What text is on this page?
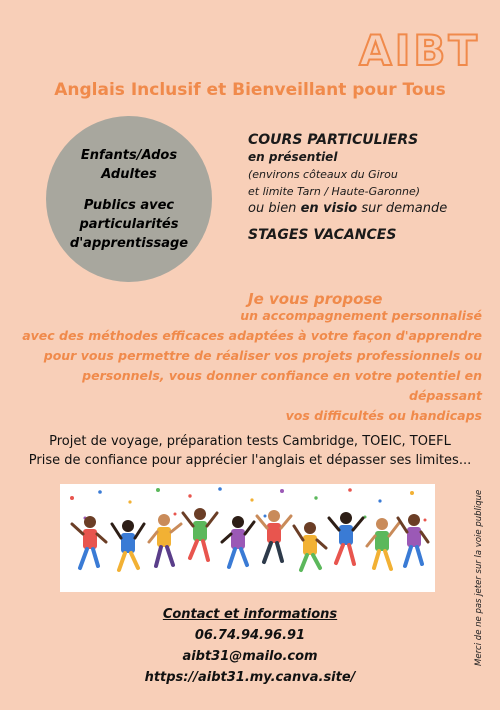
AIBT
Anglais Inclusif et Bienveillant pour Tous
Enfants/Ados
Adultes
Publics avec
particularités
d'apprentissage
COURS PARTICULIERS
en présentiel
(environs côteaux du Girou
et limite Tarn / Haute-Garonne)
ou bien en visio sur demande
STAGES VACANCES
Je vous propose
un accompagnement personnalisé
avec des méthodes efficaces adaptées à votre façon d'apprendre
pour vous permettre de réaliser vos projets professionnels ou
personnels, vous donner confiance en votre potentiel en dépassant
vos difficultés ou handicaps
Projet de voyage, préparation tests Cambridge, TOEIC, TOEFL
Prise de confiance pour apprécier l'anglais et dépasser ses limites...
Merci de ne pas jeter sur la voie publique
Contact et informations
06.74.94.96.91
aibt31@mailo.com
https://aibt31.my.canva.site/
